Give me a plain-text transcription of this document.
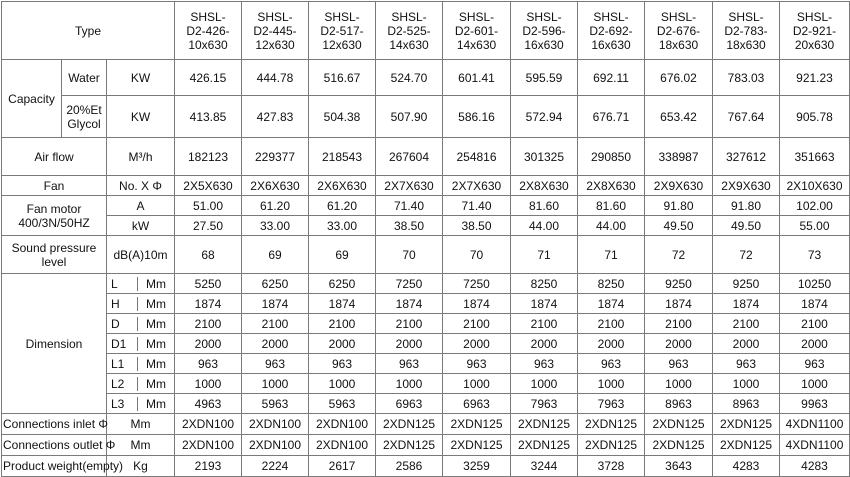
Type			SHSL-
D2-426-
10x630	SHSL-
D2-445-
12x630	SHSL-
D2-517-
12x630	SHSL-
D2-525-
14x630	SHSL-
D2-601-
14x630	SHSL-
D2-596-
16x630	SHSL-
D2-692-
16x630	SHSL-
D2-676-
18x630	SHSL-
D2-783-
18x630	SHSL-
D2-921-
20x630
Capacity	Water	KW	426.15	444.78	516.67	524.70	601.41	595.59	692.11	676.02	783.03	921.23
	20%Et
Glycol	KW	413.85	427.83	504.38	507.90	586.16	572.94	676.71	653.42	767.64	905.78
Air flow		M³/h	182123	229377	218543	267604	254816	301325	290850	338987	327612	351663
Fan		No. X Φ	2X5X630	2X6X630	2X6X630	2X7X630	2X7X630	2X8X630	2X8X630	2X9X630	2X9X630	2X10X630
Fan motor
400/3N/50HZ		A	51.00	61.20	61.20	71.40	71.40	81.60	81.60	91.80	91.80	102.00
		kW	27.50	33.00	33.00	38.50	38.50	44.00	44.00	49.50	49.50	55.00
Sound pressure
level		dB(A)10m	68	69	69	70	70	71	71	72	72	73
Dimension		L Mm	5250	6250	6250	7250	7250	8250	8250	9250	9250	10250

		H Mm	1874	1874	1874	1874	1874	1874	1874	1874	1874	1874

		D Mm	2100	2100	2100	2100	2100	2100	2100	2100	2100	2100

		D1 Mm	2000	2000	2000	2000	2000	2000	2000	2000	2000	2000

		L1 Mm	963	963	963	963	963	963	963	963	963	963

		L2 Mm	1000	1000	1000	1000	1000	1000	1000	1000	1000	1000

		L3 Mm	4963	5963	5963	6963	6963	7963	7963	8963	8963	9963
Connections inlet Φ		Mm	2XDN100	2XDN100	2XDN100	2XDN125	2XDN125	2XDN125	2XDN125	2XDN125	2XDN125	4XDN1100
Connections outlet Φ		Mm	2XDN100	2XDN100	2XDN100	2XDN125	2XDN125	2XDN125	2XDN125	2XDN125	2XDN125	4XDN1100
Product weight(empty)		Kg	2193	2224	2617	2586	3259	3244	3728	3643	4283	4283
